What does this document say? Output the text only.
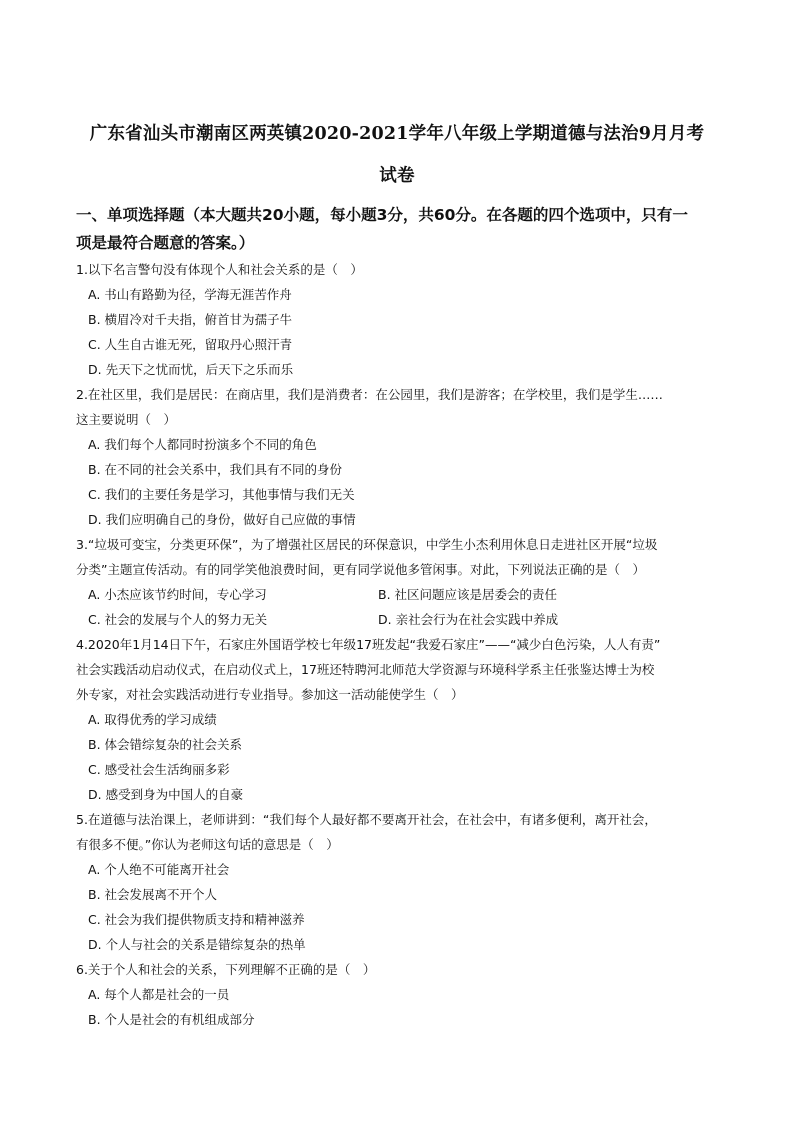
广东省汕头市潮南区两英镇2020-2021学年八年级上学期道德与法治9月月考
试卷
一、单项选择题（本大题共20小题，每小题3分，共60分。在各题的四个选项中，只有一
项是最符合题意的答案。）
1.以下名言警句没有体现个人和社会关系的是（　）
A. 书山有路勤为径，学海无涯苦作舟
B. 横眉冷对千夫指，俯首甘为孺子牛
C. 人生自古谁无死，留取丹心照汗青
D. 先天下之忧而忧，后天下之乐而乐
2.在社区里，我们是居民：在商店里，我们是消费者：在公园里，我们是游客；在学校里，我们是学生……
这主要说明（　）
A. 我们每个人都同时扮演多个不同的角色
B. 在不同的社会关系中，我们具有不同的身份
C. 我们的主要任务是学习，其他事情与我们无关
D. 我们应明确自己的身份，做好自己应做的事情
3.“垃圾可变宝，分类更环保”，为了增强社区居民的环保意识，中学生小杰利用休息日走进社区开展“垃圾
分类”主题宣传活动。有的同学笑他浪费时间，更有同学说他多管闲事。对此，下列说法正确的是（　）
A. 小杰应该节约时间，专心学习	B. 社区问题应该是居委会的责任
C. 社会的发展与个人的努力无关	D. 亲社会行为在社会实践中养成
4.2020年1月14日下午，石家庄外国语学校七年级17班发起“我爱石家庄”——“减少白色污染，人人有责”
社会实践活动启动仪式，在启动仪式上，17班还特聘河北师范大学资源与环境科学系主任张鉴达博士为校
外专家，对社会实践活动进行专业指导。参加这一活动能使学生（　）
A. 取得优秀的学习成绩
B. 体会错综复杂的社会关系
C. 感受社会生活绚丽多彩
D. 感受到身为中国人的自豪
5.在道德与法治课上，老师讲到：“我们每个人最好都不要离开社会，在社会中，有诸多便利，离开社会，
有很多不便。”你认为老师这句话的意思是（　）
A. 个人绝不可能离开社会
B. 社会发展离不开个人
C. 社会为我们提供物质支持和精神滋养
D. 个人与社会的关系是错综复杂的热单
6.关于个人和社会的关系，下列理解不正确的是（　）
A. 每个人都是社会的一员
B. 个人是社会的有机组成部分
